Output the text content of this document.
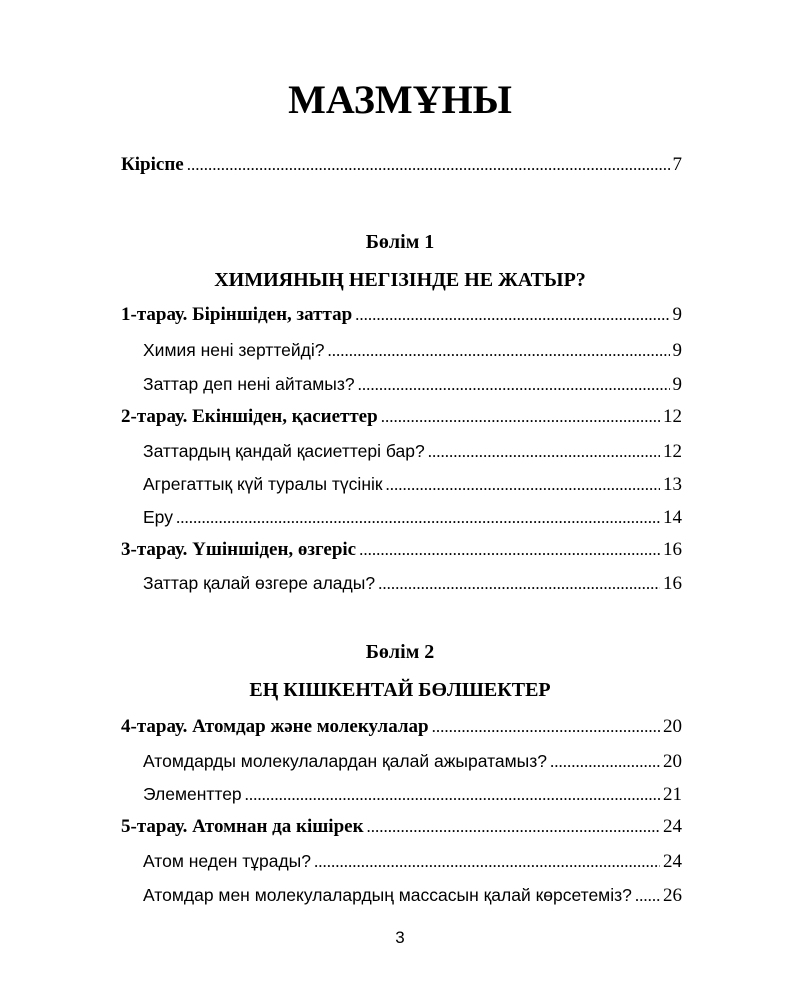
МАЗМҰНЫ
Кіріспе .....	7
Бөлім 1
ХИМИЯНЫҢ НЕГІЗІНДЕ НЕ ЖАТЫР?
1-тарау. Біріншіден, заттар .....	9
Химия нені зерттейді? .....	9
Заттар деп нені айтамыз? .....	9
2-тарау. Екіншіден, қасиеттер .....	12
Заттардың қандай қасиеттері бар? .....	12
Агрегаттық күй туралы түсінік .....	13
Еру .....	14
3-тарау. Үшіншіден, өзгеріс .....	16
Заттар қалай өзгере алады? .....	16
Бөлім 2
ЕҢ КІШКЕНТАЙ БӨЛШЕКТЕР
4-тарау. Атомдар және молекулалар .....	20
Атомдарды молекулалардан қалай ажыратамыз? .....	20
Элементтер .....	21
5-тарау. Атомнан да кішірек .....	24
Атом неден тұрады? .....	24
Атомдар мен молекулалардың массасын қалай көрсетеміз? ..... 26
3
